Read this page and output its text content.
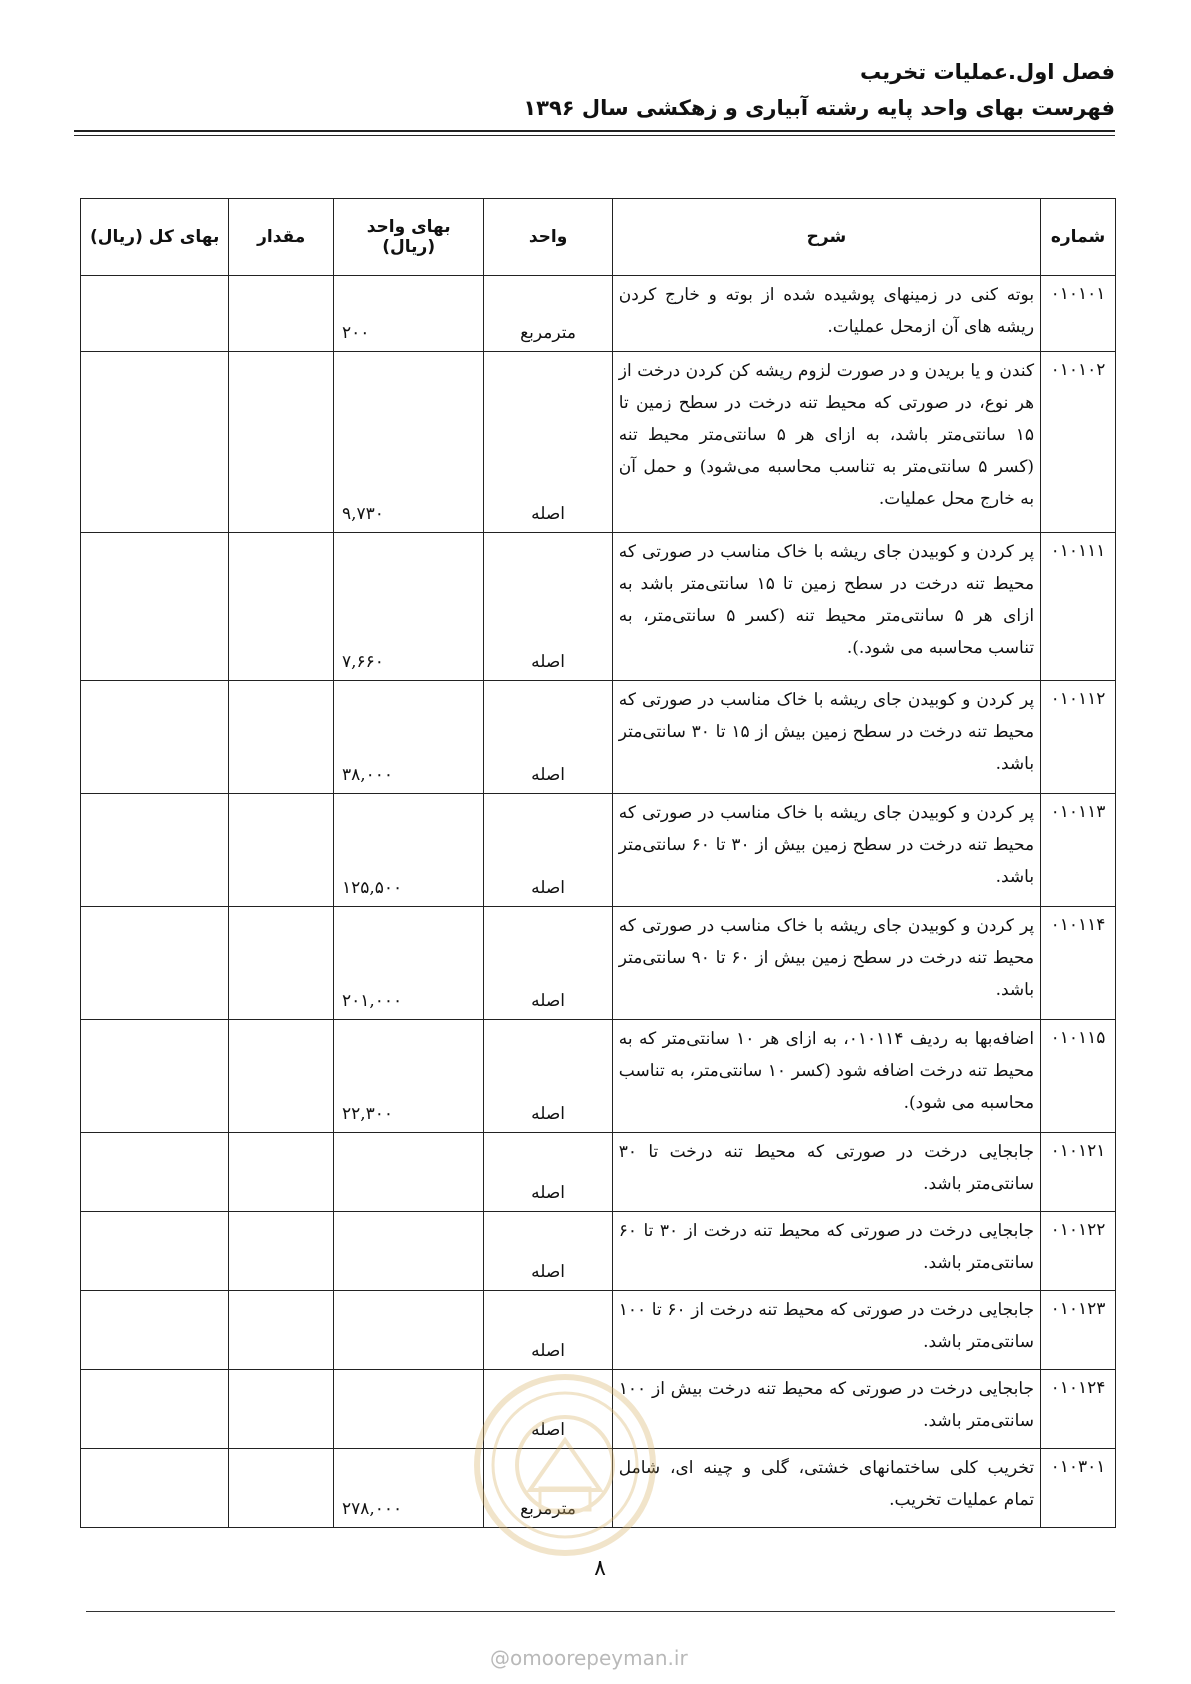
فصل اول.عملیات تخریب
فهرست بهای واحد پایه رشته آبیاری و زهکشی سال ۱۳۹۶
شماره	شرح	واحد	بهای واحد (ریال)	مقدار	بهای کل (ریال)
۰۱۰۱۰۱	بوته کنی در زمینهای پوشیده شده از بوته و خارج کردن ریشه های آن ازمحل عملیات.	مترمربع	۲۰۰		
۰۱۰۱۰۲	کندن و یا بریدن و در صورت لزوم ریشه کن کردن درخت از هر نوع، در صورتی که محیط تنه درخت در سطح زمین تا ۱۵ سانتی‌متر باشد، به ازای هر ۵ سانتی‌متر محیط تنه (کسر ۵ سانتی‌متر به تناسب محاسبه می‌شود) و حمل آن به خارج محل عملیات.	اصله	۹,۷۳۰		
۰۱۰۱۱۱	پر کردن و کوبیدن جای ریشه با خاک مناسب در صورتی که محیط تنه درخت در سطح زمین تا ۱۵ سانتی‌متر باشد به ازای هر ۵ سانتی‌متر محیط تنه (کسر ۵ سانتی‌متر، به تناسب محاسبه می شود.).	اصله	۷,۶۶۰		
۰۱۰۱۱۲	پر کردن و کوبیدن جای ریشه با خاک مناسب در صورتی که محیط تنه درخت در سطح زمین بیش از ۱۵ تا ۳۰ سانتی‌متر باشد.	اصله	۳۸,۰۰۰		
۰۱۰۱۱۳	پر کردن و کوبیدن جای ریشه با خاک مناسب در صورتی که محیط تنه درخت در سطح زمین بیش از ۳۰ تا ۶۰ سانتی‌متر باشد.	اصله	۱۲۵,۵۰۰		
۰۱۰۱۱۴	پر کردن و کوبیدن جای ریشه با خاک مناسب در صورتی که محیط تنه درخت در سطح زمین بیش از ۶۰ تا ۹۰ سانتی‌متر باشد.	اصله	۲۰۱,۰۰۰		
۰۱۰۱۱۵	اضافه‌بها به ردیف ۰۱۰۱۱۴، به ازای هر ۱۰ سانتی‌متر که به محیط تنه درخت اضافه شود (کسر ۱۰ سانتی‌متر، به تناسب محاسبه می شود).	اصله	۲۲,۳۰۰		
۰۱۰۱۲۱	جابجایی درخت در صورتی که محیط تنه درخت تا ۳۰ سانتی‌متر باشد.	اصله			
۰۱۰۱۲۲	جابجایی درخت در صورتی که محیط تنه درخت از ۳۰ تا ۶۰ سانتی‌متر باشد.	اصله			
۰۱۰۱۲۳	جابجایی درخت در صورتی که محیط تنه درخت از ۶۰ تا ۱۰۰ سانتی‌متر باشد.	اصله			
۰۱۰۱۲۴	جابجایی درخت در صورتی که محیط تنه درخت بیش از ۱۰۰ سانتی‌متر باشد.	اصله			
۰۱۰۳۰۱	تخریب کلی ساختمانهای خشتی، گلی و چینه ای، شامل تمام عملیات تخریب.	مترمربع	۲۷۸,۰۰۰		
۸
@omoorepeyman.ir
